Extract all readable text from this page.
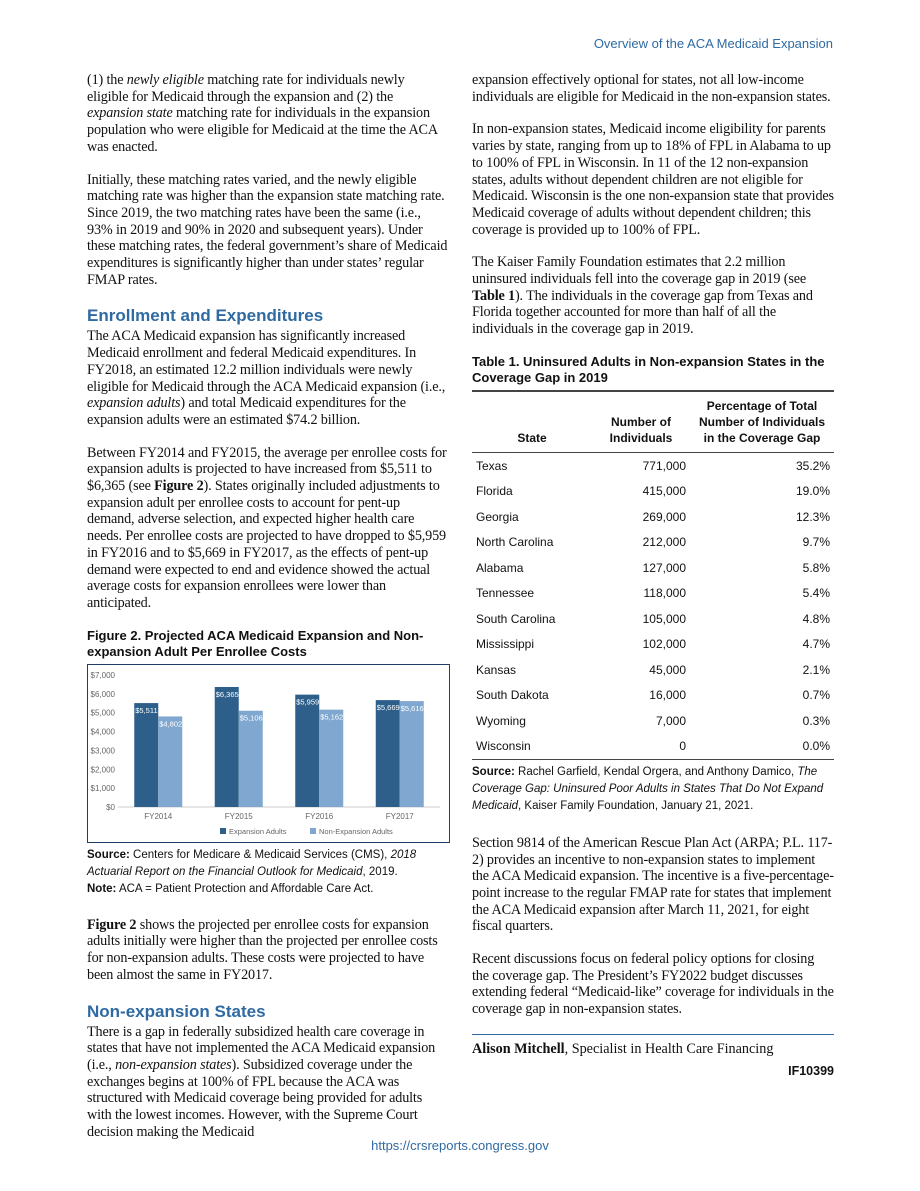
Overview of the ACA Medicaid Expansion

(1) the newly eligible matching rate for individuals newly eligible for Medicaid through the expansion and (2) the expansion state matching rate for individuals in the expansion population who were eligible for Medicaid at the time the ACA was enacted.

Initially, these matching rates varied, and the newly eligible matching rate was higher than the expansion state matching rate. Since 2019, the two matching rates have been the same (i.e., 93% in 2019 and 90% in 2020 and subsequent years). Under these matching rates, the federal government’s share of Medicaid expenditures is significantly higher than under states’ regular FMAP rates.

Enrollment and Expenditures

The ACA Medicaid expansion has significantly increased Medicaid enrollment and federal Medicaid expenditures. In FY2018, an estimated 12.2 million individuals were newly eligible for Medicaid through the ACA Medicaid expansion (i.e., expansion adults) and total Medicaid expenditures for the expansion adults were an estimated $74.2 billion.

Between FY2014 and FY2015, the average per enrollee costs for expansion adults is projected to have increased from $5,511 to $6,365 (see Figure 2). States originally included adjustments to expansion adult per enrollee costs to account for pent-up demand, adverse selection, and expected higher health care needs. Per enrollee costs are projected to have dropped to $5,959 in FY2016 and to $5,669 in FY2017, as the effects of pent-up demand were expected to end and evidence showed the actual average costs for expansion enrollees were lower than anticipated.

Figure 2. Projected ACA Medicaid Expansion and Non-expansion Adult Per Enrollee Costs
$0
$1,000
$2,000
$3,000
$4,000
$5,000
$6,000
$7,000
$5,511
$4,802
FY2014
$6,365
$5,106
FY2015
$5,959
$5,162
FY2016
$5,669 $5,616
FY2017
Expansion Adults	Non-Expansion Adults

Source: Centers for Medicare & Medicaid Services (CMS), 2018 Actuarial Report on the Financial Outlook for Medicaid, 2019.

Note: ACA = Patient Protection and Affordable Care Act.

Figure 2 shows the projected per enrollee costs for expansion adults initially were higher than the projected per enrollee costs for non-expansion adults. These costs were projected to have been almost the same in FY2017.

Non-expansion States

There is a gap in federally subsidized health care coverage in states that have not implemented the ACA Medicaid expansion (i.e., non-expansion states). Subsidized coverage under the exchanges begins at 100% of FPL because the ACA was structured with Medicaid coverage being provided for adults with the lowest incomes. However, with the Supreme Court decision making the Medicaid

expansion effectively optional for states, not all low-income individuals are eligible for Medicaid in the non-expansion states.

In non-expansion states, Medicaid income eligibility for parents varies by state, ranging from up to 18% of FPL in Alabama to up to 100% of FPL in Wisconsin. In 11 of the 12 non-expansion states, adults without dependent children are not eligible for Medicaid. Wisconsin is the one non-expansion state that provides Medicaid coverage of adults without dependent children; this coverage is provided up to 100% of FPL.

The Kaiser Family Foundation estimates that 2.2 million uninsured individuals fell into the coverage gap in 2019 (see Table 1). The individuals in the coverage gap from Texas and Florida together accounted for more than half of all the individuals in the coverage gap in 2019.

Table 1. Uninsured Adults in Non-expansion States in the Coverage Gap in 2019
State	Number of Individuals	Percentage of Total Number of Individuals in the Coverage Gap
Texas	771,000	35.2%
Florida	415,000	19.0%
Georgia	269,000	12.3%
North Carolina	212,000	9.7%
Alabama	127,000	5.8%
Tennessee	118,000	5.4%
South Carolina	105,000	4.8%
Mississippi	102,000	4.7%
Kansas	45,000	2.1%
South Dakota	16,000	0.7%
Wyoming	7,000	0.3%
Wisconsin	0	0.0%

Source: Rachel Garfield, Kendal Orgera, and Anthony Damico, The Coverage Gap: Uninsured Poor Adults in States That Do Not Expand Medicaid, Kaiser Family Foundation, January 21, 2021.

Section 9814 of the American Rescue Plan Act (ARPA; P.L. 117-2) provides an incentive to non-expansion states to implement the ACA Medicaid expansion. The incentive is a five-percentage-point increase to the regular FMAP rate for states that implement the ACA Medicaid expansion after March 11, 2021, for eight fiscal quarters.

Recent discussions focus on federal policy options for closing the coverage gap. The President’s FY2022 budget discusses extending federal “Medicaid-like” coverage for individuals in the coverage gap in non-expansion states.

Alison Mitchell, Specialist in Health Care Financing
IF10399
https://crsreports.congress.gov
